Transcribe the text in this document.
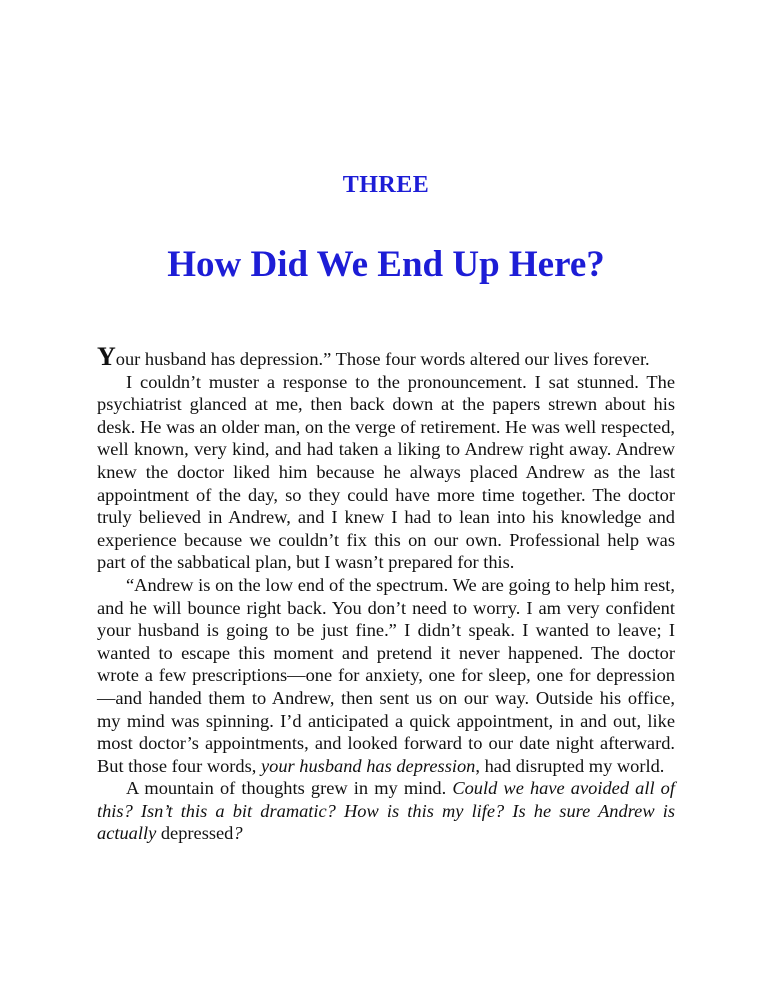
THREE
How Did We End Up Here?

Your husband has depression.” Those four words altered our lives forever.

I couldn’t muster a response to the pronouncement. I sat stunned. The psychiatrist glanced at me, then back down at the papers strewn about his desk. He was an older man, on the verge of retirement. He was well respected, well known, very kind, and had taken a liking to Andrew right away. Andrew knew the doctor liked him because he always placed Andrew as the last appointment of the day, so they could have more time together. The doctor truly believed in Andrew, and I knew I had to lean into his knowledge and experience because we couldn’t fix this on our own. Professional help was part of the sabbatical plan, but I wasn’t prepared for this.

“Andrew is on the low end of the spectrum. We are going to help him rest, and he will bounce right back. You don’t need to worry. I am very confident your husband is going to be just fine.” I didn’t speak. I wanted to leave; I wanted to escape this moment and pretend it never happened. The doctor wrote a few prescriptions—one for anxiety, one for sleep, one for depression—and handed them to Andrew, then sent us on our way. Outside his office, my mind was spinning. I’d anticipated a quick appointment, in and out, like most doctor’s appointments, and looked forward to our date night afterward. But those four words, your husband has depression, had disrupted my world.

A mountain of thoughts grew in my mind. Could we have avoided all of this? Isn’t this a bit dramatic? How is this my life? Is he sure Andrew is actually depressed?
